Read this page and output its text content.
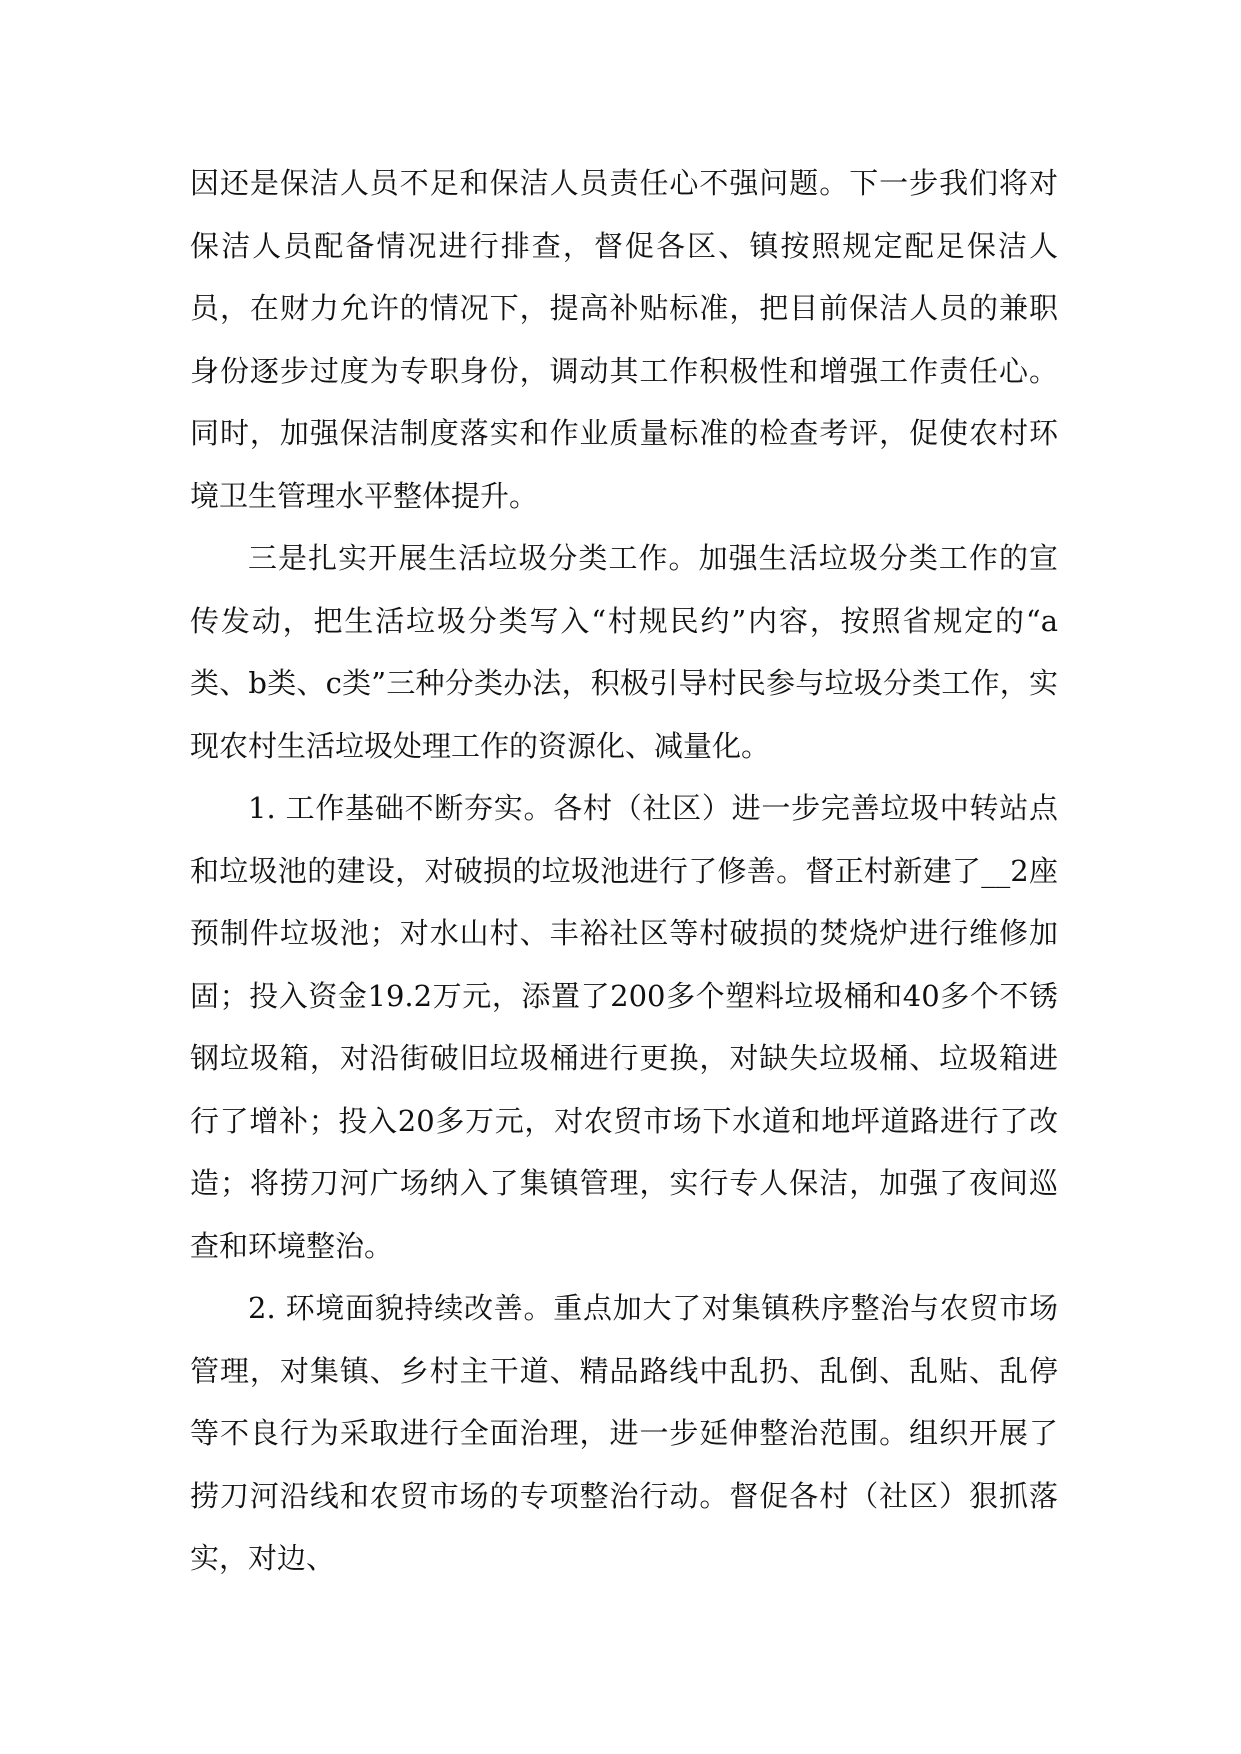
因还是保洁人员不足和保洁人员责任心不强问题。下一步我们将对保洁人员配备情况进行排查，督促各区、镇按照规定配足保洁人员，在财力允许的情况下，提高补贴标准，把目前保洁人员的兼职身份逐步过度为专职身份，调动其工作积极性和增强工作责任心。同时，加强保洁制度落实和作业质量标准的检查考评，促使农村环境卫生管理水平整体提升。

三是扎实开展生活垃圾分类工作。加强生活垃圾分类工作的宣传发动，把生活垃圾分类写入“村规民约”内容，按照省规定的“a类、b类、c类”三种分类办法，积极引导村民参与垃圾分类工作，实现农村生活垃圾处理工作的资源化、减量化。

1. 工作基础不断夯实。各村（社区）进一步完善垃圾中转站点和垃圾池的建设，对破损的垃圾池进行了修善。督正村新建了__2座预制件垃圾池；对水山村、丰裕社区等村破损的焚烧炉进行维修加固；投入资金19.2万元，添置了200多个塑料垃圾桶和40多个不锈钢垃圾箱，对沿街破旧垃圾桶进行更换，对缺失垃圾桶、垃圾箱进行了增补；投入20多万元，对农贸市场下水道和地坪道路进行了改造；将捞刀河广场纳入了集镇管理，实行专人保洁，加强了夜间巡查和环境整治。

2. 环境面貌持续改善。重点加大了对集镇秩序整治与农贸市场管理，对集镇、乡村主干道、精品路线中乱扔、乱倒、乱贴、乱停等不良行为采取进行全面治理，进一步延伸整治范围。组织开展了捞刀河沿线和农贸市场的专项整治行动。督促各村（社区）狠抓落实，对边、
